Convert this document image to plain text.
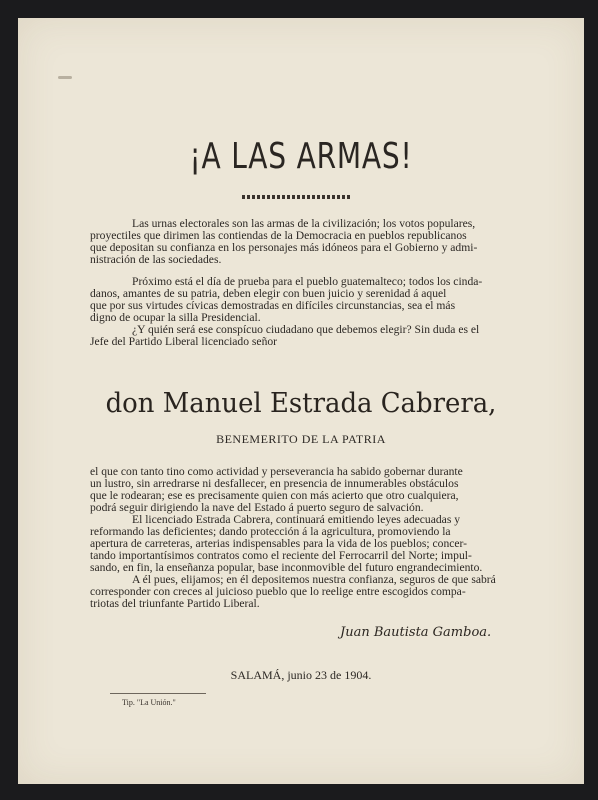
¡A LAS ARMAS!

Las urnas electorales son las armas de la civilización; los votos populares,
proyectiles que dirimen las contiendas de la Democracia en pueblos republicanos
que depositan su confianza en los personajes más idóneos para el Gobierno y admi-
nistración de las sociedades.

Próximo está el día de prueba para el pueblo guatemalteco; todos los cinda-
danos, amantes de su patria, deben elegir con buen juicio y serenidad á aquel
que por sus virtudes cívicas demostradas en difíciles circunstancias, sea el más
digno de ocupar la silla Presidencial.

¿Y quién será ese conspícuo ciudadano que debemos elegir? Sin duda es el
Jefe del Partido Liberal licenciado señor

don Manuel Estrada Cabrera,
BENEMERITO DE LA PATRIA

el que con tanto tino como actividad y perseverancia ha sabido gobernar durante
un lustro, sin arredrarse ni desfallecer, en presencia de innumerables obstáculos
que le rodearan; ese es precisamente quien con más acierto que otro cualquiera,
podrá seguir dirigiendo la nave del Estado á puerto seguro de salvación.

El licenciado Estrada Cabrera, continuará emitiendo leyes adecuadas y
reformando las deficientes; dando protección á la agricultura, promoviendo la
apertura de carreteras, arterias indispensables para la vida de los pueblos; concer-
tando importantísimos contratos como el reciente del Ferrocarril del Norte; impul-
sando, en fin, la enseñanza popular, base inconmovible del futuro engrandecimiento.

A él pues, elijamos; en él depositemos nuestra confianza, seguros de que sabrá
corresponder con creces al juicioso pueblo que lo reelige entre escogidos compa-
triotas del triunfante Partido Liberal.

Juan Bautista Gamboa.
SALAMÁ, junio 23 de 1904.
Tip. "La Unión."
